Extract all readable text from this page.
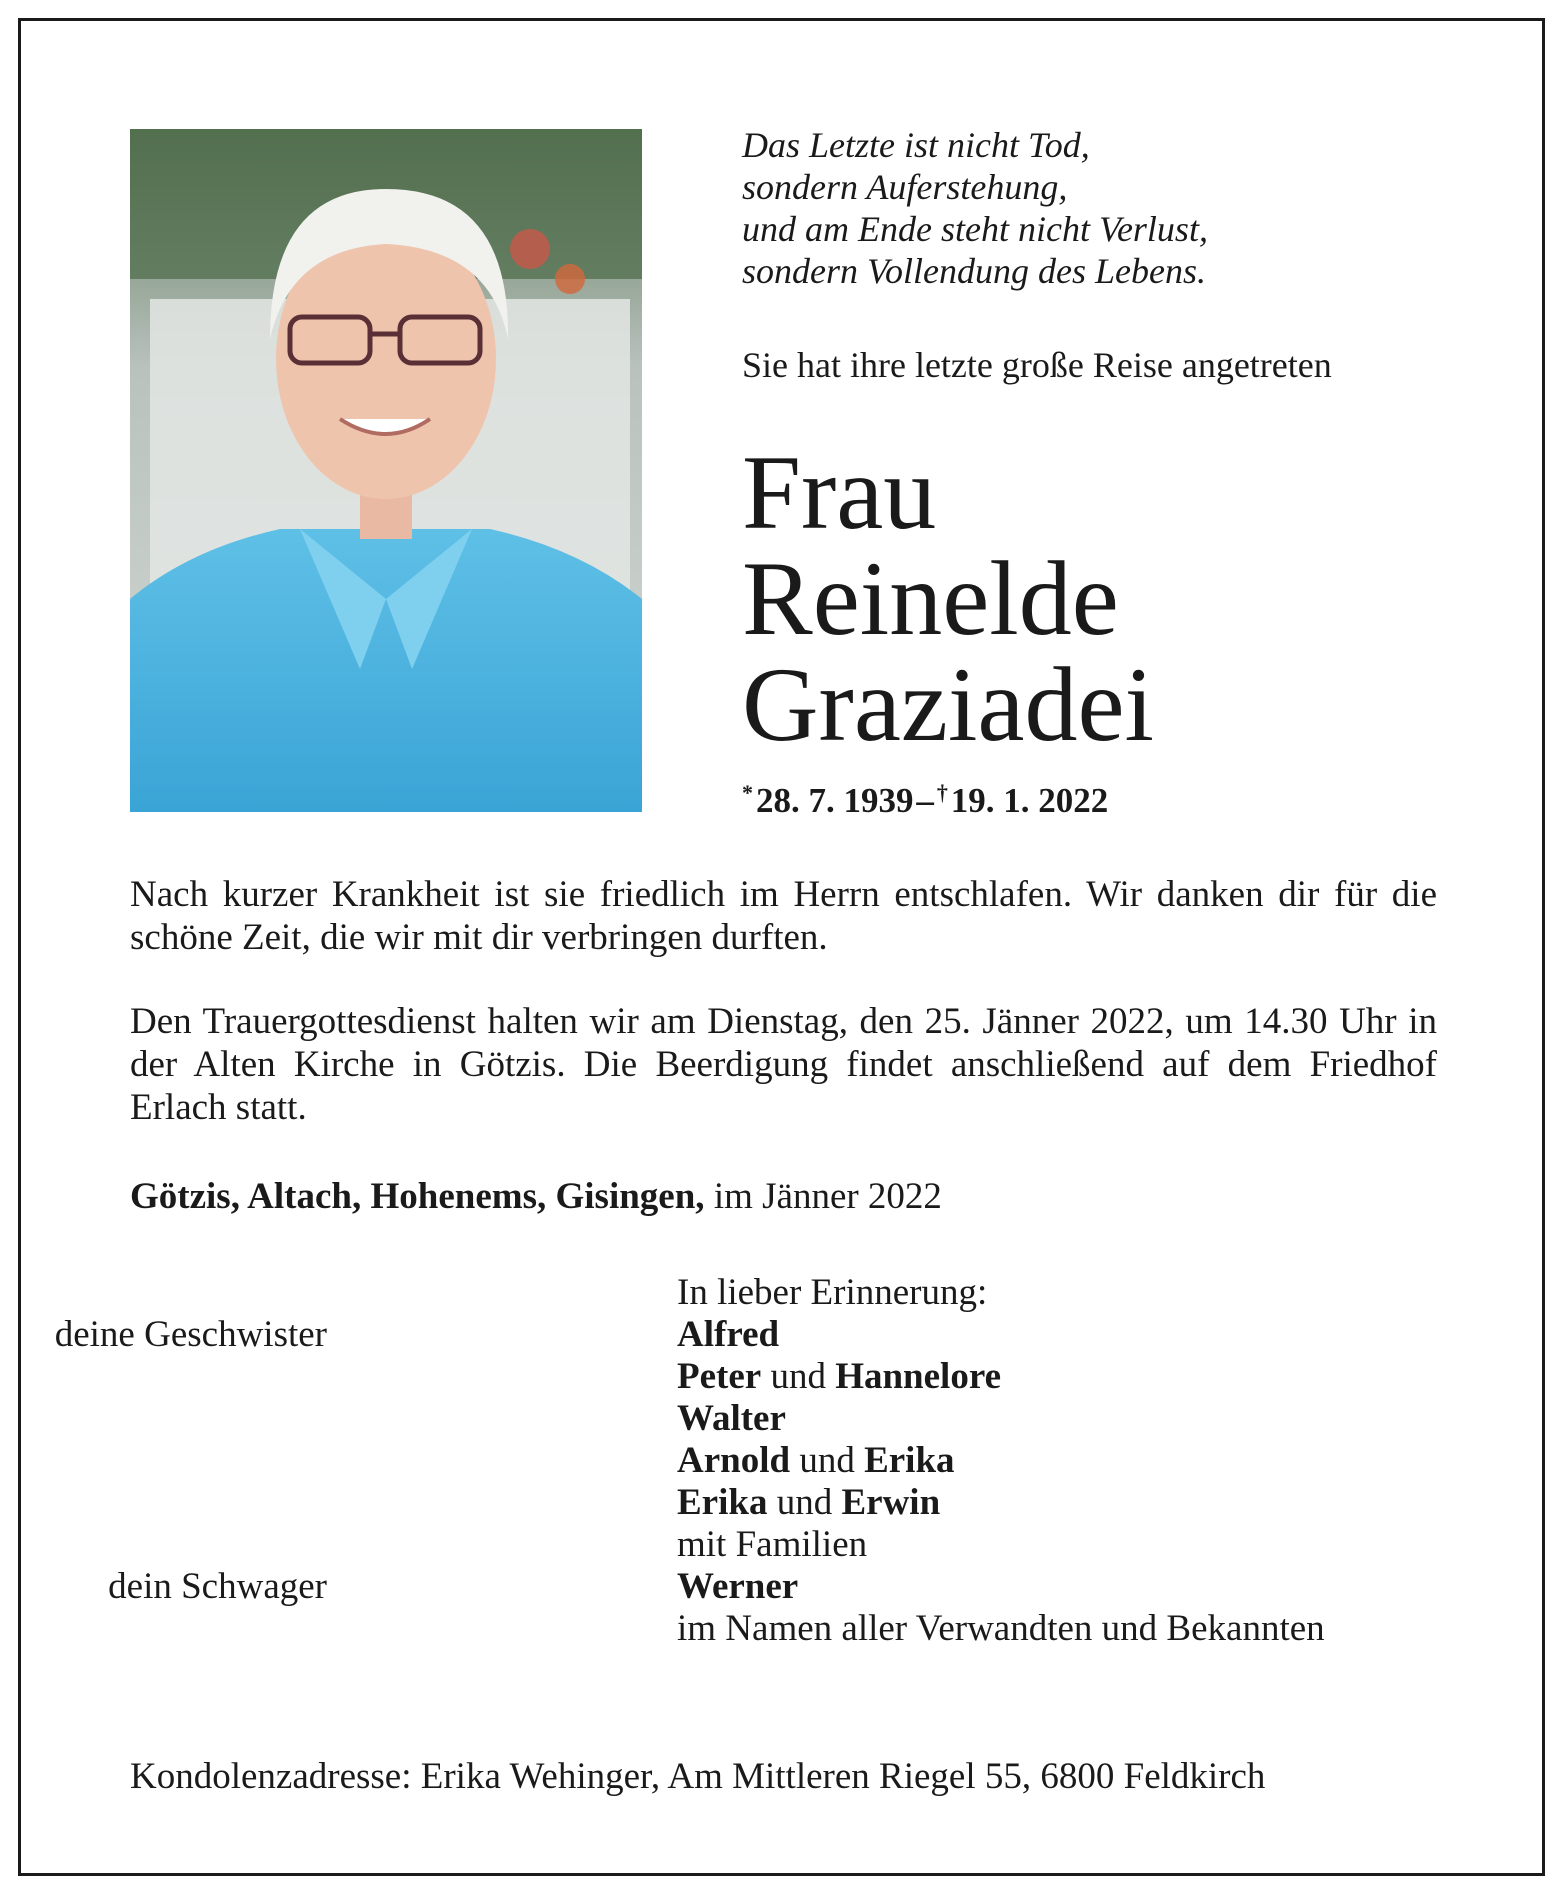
Das Letzte ist nicht Tod,
sondern Auferstehung,
und am Ende steht nicht Verlust,
sondern Vollendung des Lebens.
Sie hat ihre letzte große Reise angetreten
Frau
Reinelde
Graziadei
* 28. 7. 1939 –  † 19. 1. 2022
Nach kurzer Krankheit ist sie friedlich im Herrn entschlafen. Wir danken dir für die schöne Zeit, die wir mit dir verbringen durften.
Den Trauergottesdienst halten wir am Dienstag, den 25. Jänner 2022, um 14.30 Uhr in der Alten Kirche in Götzis. Die Beerdigung findet anschließend auf dem Friedhof Erlach statt.
Götzis, Altach, Hohenems, Gisingen, im Jänner 2022
In lieber Erinnerung:
deine Geschwister	Alfred
Peter und Hannelore
Walter
Arnold und Erika
Erika und Erwin
mit Familien
dein Schwager	Werner
im Namen aller Verwandten und Bekannten
Kondolenzadresse: Erika Wehinger, Am Mittleren Riegel 55, 6800 Feldkirch
